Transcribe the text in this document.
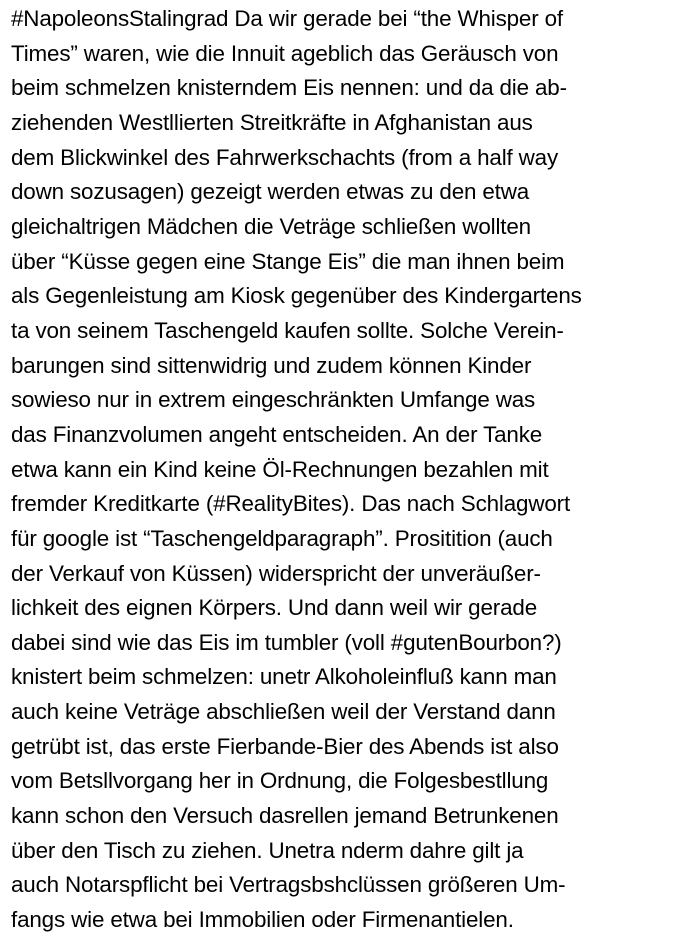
#NapoleonsStalingrad Da wir gerade bei “the Whisper of
Times” waren, wie die Innuit ageblich das Geräusch von
beim schmelzen knisterndem Eis nennen: und da die ab-
ziehenden Westllierten Streitkräfte in Afghanistan aus
dem Blickwinkel des Fahrwerkschachts (from a half way
down sozusagen) gezeigt werden etwas zu den etwa
gleichaltrigen Mädchen die Veträge schließen wollten
über “Küsse gegen eine Stange Eis” die man ihnen beim
als Gegenleistung am Kiosk gegenüber des Kindergartens
ta von seinem Taschengeld kaufen sollte. Solche Verein-
barungen sind sittenwidrig und zudem können Kinder
sowieso nur in extrem eingeschränkten Umfange was
das Finanzvolumen angeht entscheiden. An der Tanke
etwa kann ein Kind keine Öl-Rechnungen bezahlen mit
fremder Kreditkarte (#RealityBites). Das nach Schlagwort
für google ist “Taschengeldparagraph”. Prositition (auch
der Verkauf von Küssen) widerspricht der unveräußer-
lichkeit des eignen Körpers. Und dann weil wir gerade
dabei sind wie das Eis im tumbler (voll #gutenBourbon?)
knistert beim schmelzen: unetr Alkoholeinfluß kann man
auch keine Veträge abschließen weil der Verstand dann
getrübt ist, das erste Fierbande-Bier des Abends ist also
vom Betsllvorgang her in Ordnung, die Folgesbestllung
kann schon den Versuch dasrellen jemand Betrunkenen
über den Tisch zu ziehen. Unetra nderm dahre gilt ja
auch Notarspflicht bei Vertragsbshclüssen größeren Um-
fangs wie etwa bei Immobilien oder Firmenantielen.
